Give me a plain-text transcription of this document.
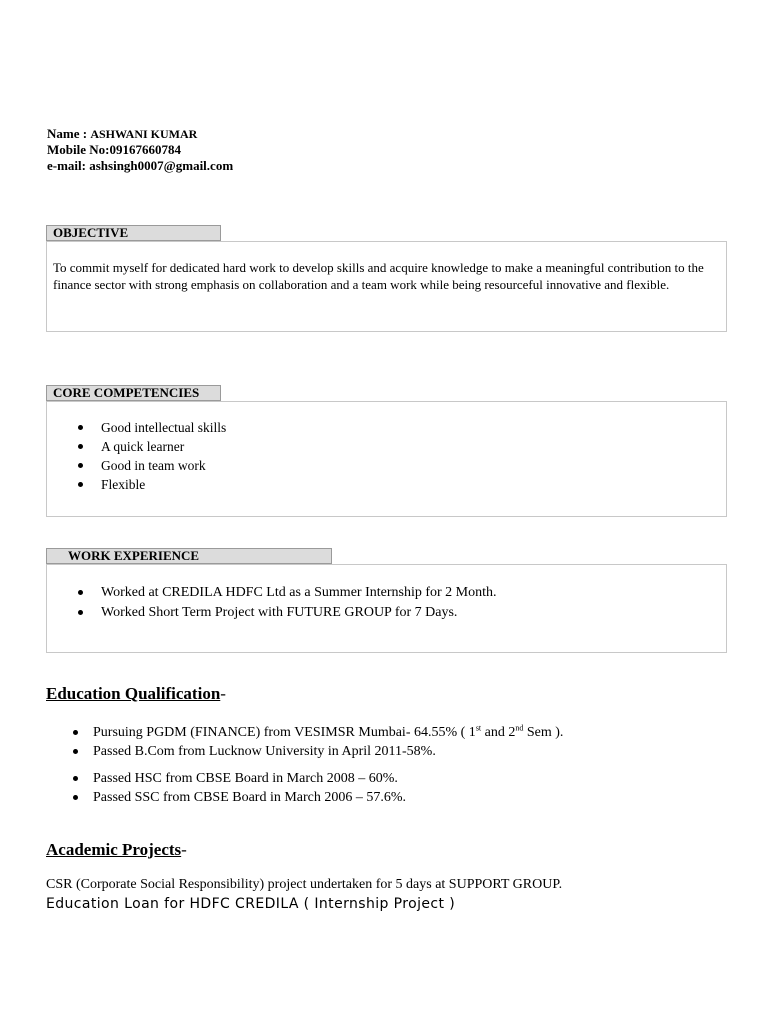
Name : ASHWANI KUMAR
Mobile No:09167660784
e-mail: ashsingh0007@gmail.com
To commit myself for dedicated hard work to develop skills and acquire knowledge to make a meaningful contribution to the finance sector with strong emphasis on collaboration and a team work while being resourceful innovative and flexible.
OBJECTIVE
Good intellectual skills
A quick learner
Good in team work
Flexible
CORE COMPETENCIES
Worked at CREDILA HDFC Ltd as a Summer Internship for 2 Month.
Worked Short Term Project with FUTURE GROUP for 7 Days.
WORK EXPERIENCE
Education Qualification-
Pursuing PGDM (FINANCE) from VESIMSR Mumbai- 64.55% ( 1st and 2nd Sem ).
Passed B.Com from Lucknow University in April 2011-58%.
Passed HSC from CBSE Board in March 2008 – 60%.
Passed SSC from CBSE Board in March 2006 – 57.6%.
Academic Projects-
CSR (Corporate Social Responsibility) project undertaken for 5 days at SUPPORT GROUP.
Education Loan for HDFC CREDILA ( Internship Project )
